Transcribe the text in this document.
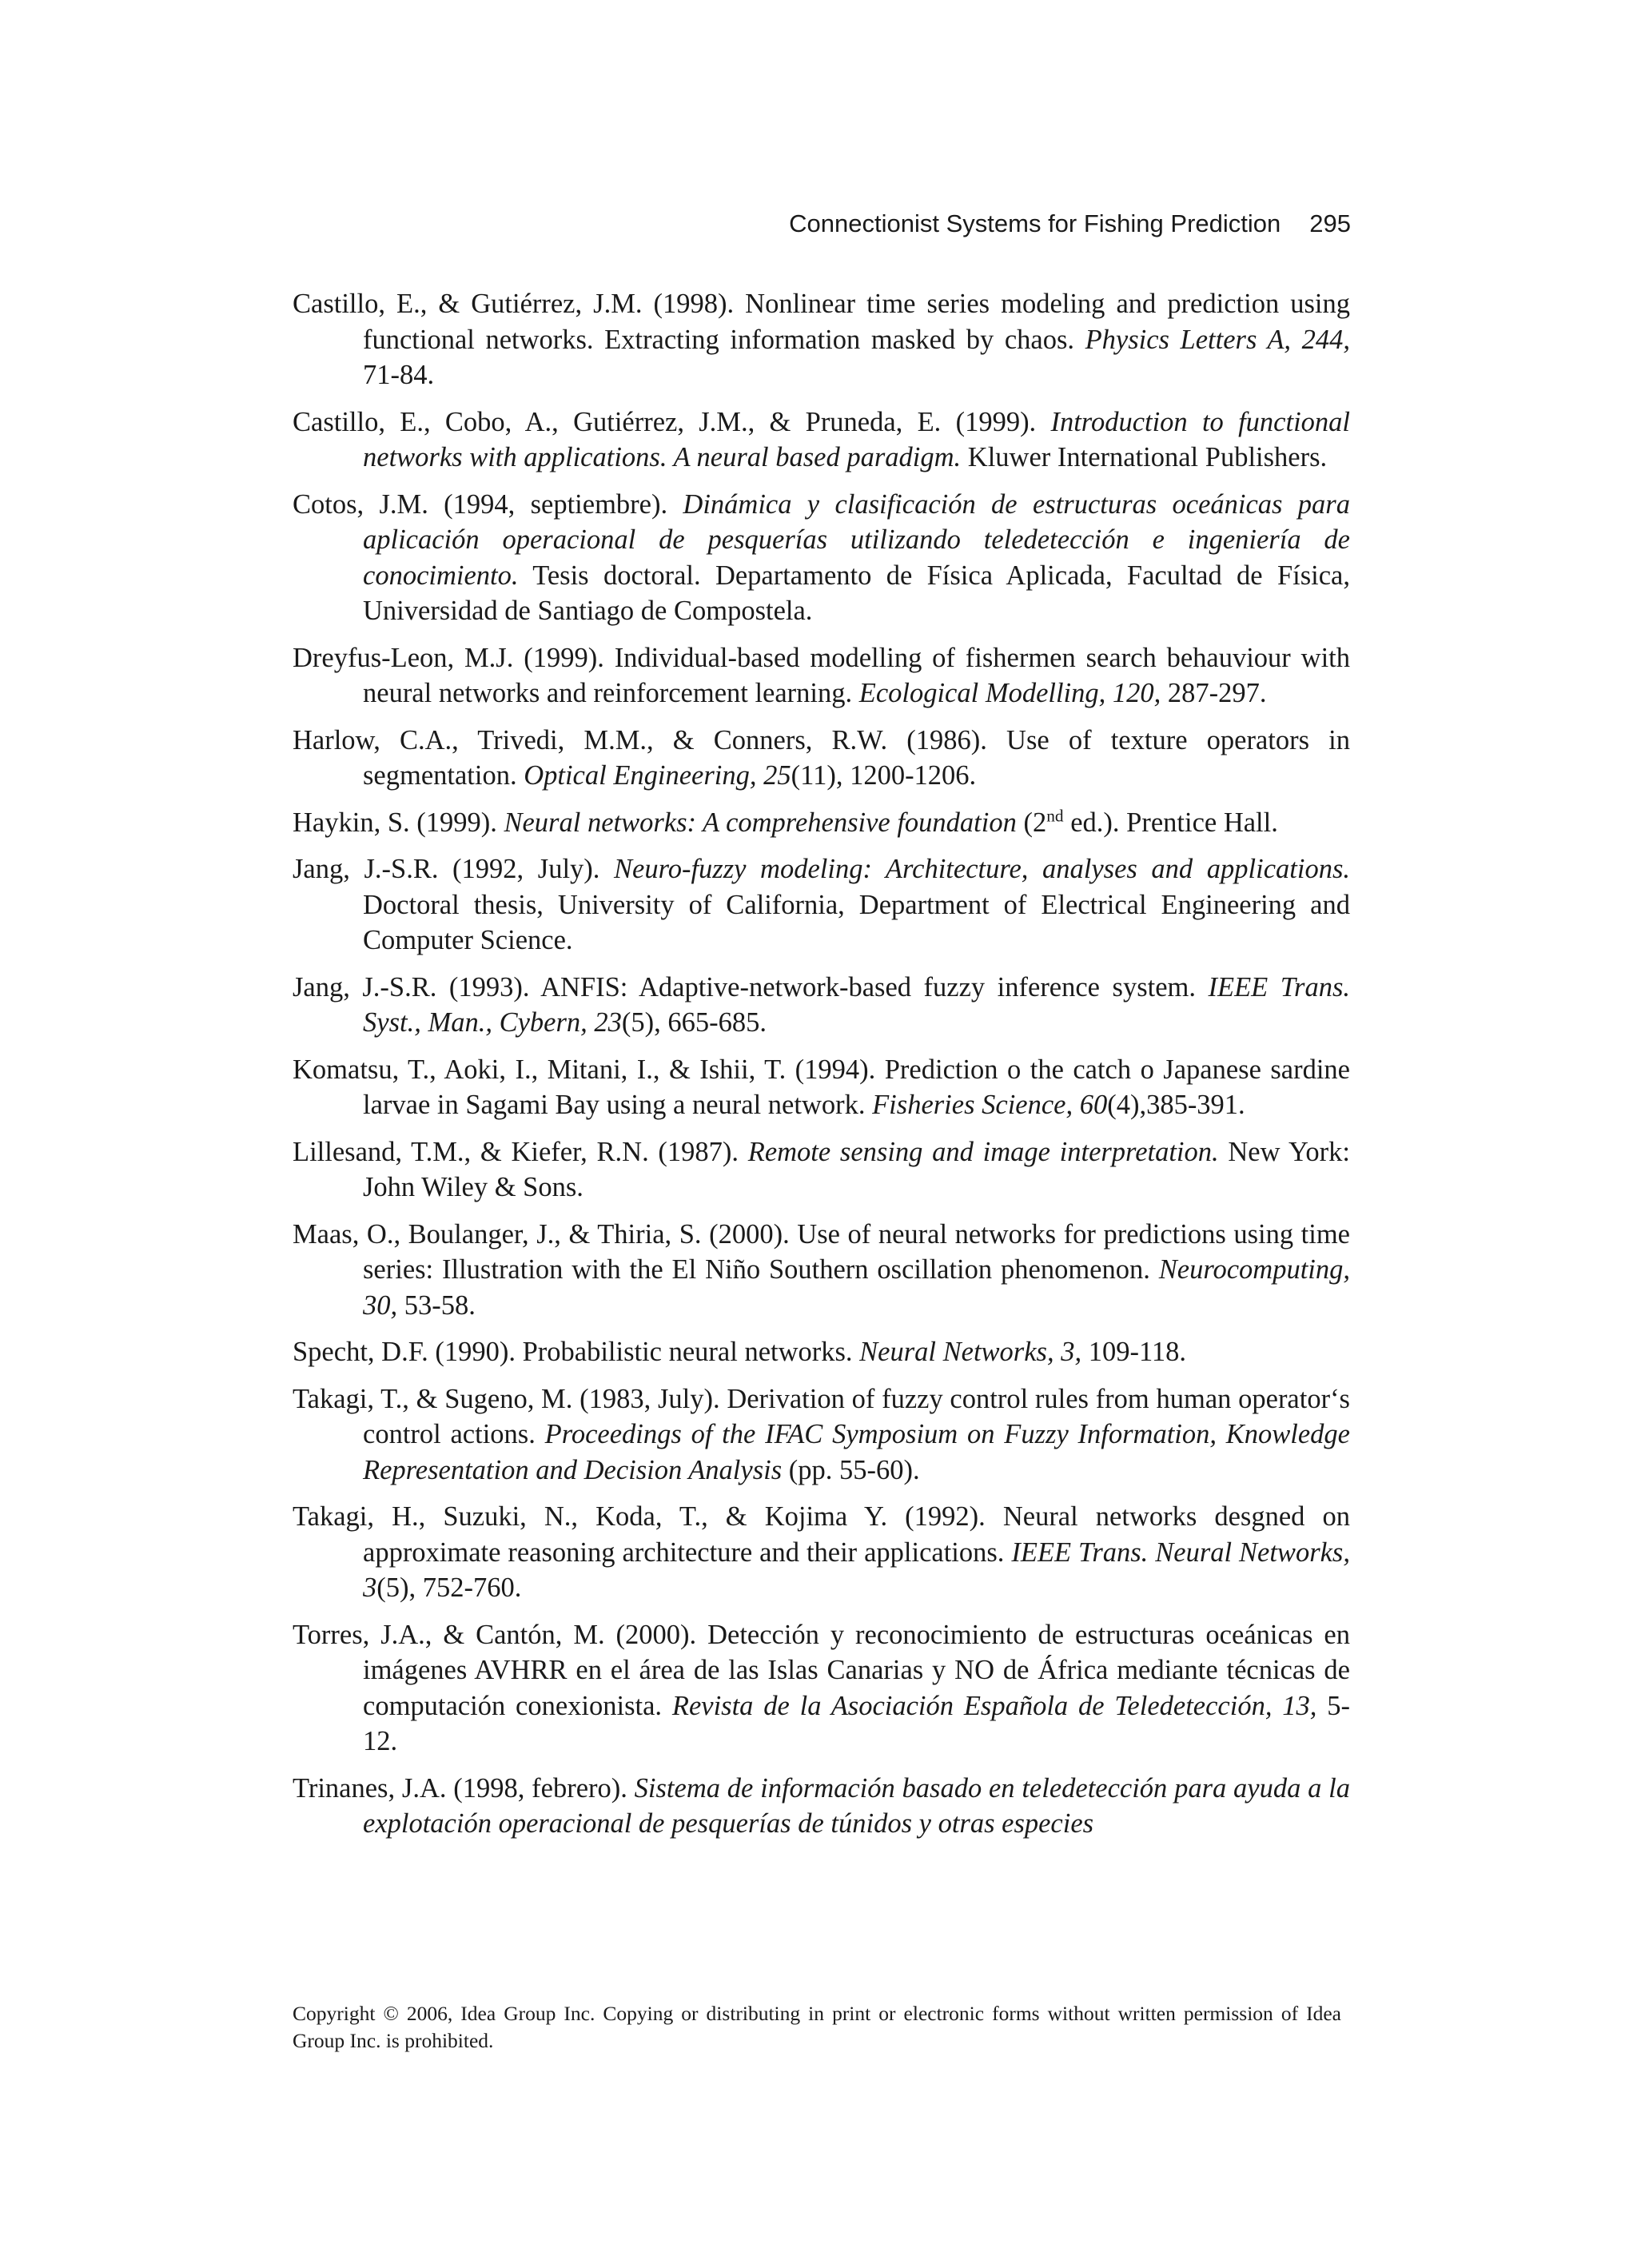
Connectionist Systems for Fishing Prediction 295

Castillo, E., & Gutiérrez, J.M. (1998). Nonlinear time series modeling and prediction using functional networks. Extracting information masked by chaos. Physics Letters A, 244, 71-84.

Castillo, E., Cobo, A., Gutiérrez, J.M., & Pruneda, E. (1999). Introduction to functional networks with applications. A neural based paradigm. Kluwer International Publishers.

Cotos, J.M. (1994, septiembre). Dinámica y clasificación de estructuras oceánicas para aplicación operacional de pesquerías utilizando teledetección e ingeniería de conocimiento. Tesis doctoral. Departamento de Física Aplicada, Facultad de Física, Universidad de Santiago de Compostela.

Dreyfus-Leon, M.J. (1999). Individual-based modelling of fishermen search behauviour with neural networks and reinforcement learning. Ecological Modelling, 120, 287-297.

Harlow, C.A., Trivedi, M.M., & Conners, R.W. (1986). Use of texture operators in segmentation. Optical Engineering, 25(11), 1200-1206.

Haykin, S. (1999). Neural networks: A comprehensive foundation (2nd ed.). Prentice Hall.

Jang, J.-S.R. (1992, July). Neuro-fuzzy modeling: Architecture, analyses and applications. Doctoral thesis, University of California, Department of Electrical Engineering and Computer Science.

Jang, J.-S.R. (1993). ANFIS: Adaptive-network-based fuzzy inference system. IEEE Trans. Syst., Man., Cybern, 23(5), 665-685.

Komatsu, T., Aoki, I., Mitani, I., & Ishii, T. (1994). Prediction o the catch o Japanese sardine larvae in Sagami Bay using a neural network. Fisheries Science, 60(4),385-391.

Lillesand, T.M., & Kiefer, R.N. (1987). Remote sensing and image interpretation. New York: John Wiley & Sons.

Maas, O., Boulanger, J., & Thiria, S. (2000). Use of neural networks for predictions using time series: Illustration with the El Niño Southern oscillation phenomenon. Neurocomputing, 30, 53-58.

Specht, D.F. (1990). Probabilistic neural networks. Neural Networks, 3, 109-118.

Takagi, T., & Sugeno, M. (1983, July). Derivation of fuzzy control rules from human operator‘s control actions. Proceedings of the IFAC Symposium on Fuzzy Information, Knowledge Representation and Decision Analysis (pp. 55-60).

Takagi, H., Suzuki, N., Koda, T., & Kojima Y. (1992). Neural networks desgned on approximate reasoning architecture and their applications. IEEE Trans. Neural Networks, 3(5), 752-760.

Torres, J.A., & Cantón, M. (2000). Detección y reconocimiento de estructuras oceánicas en imágenes AVHRR en el área de las Islas Canarias y NO de África mediante técnicas de computación conexionista. Revista de la Asociación Española de Teledetección, 13, 5-12.

Trinanes, J.A. (1998, febrero). Sistema de información basado en teledetección para ayuda a la explotación operacional de pesquerías de túnidos y otras especies

Copyright © 2006, Idea Group Inc. Copying or distributing in print or electronic forms without written permission of Idea Group Inc. is prohibited.
